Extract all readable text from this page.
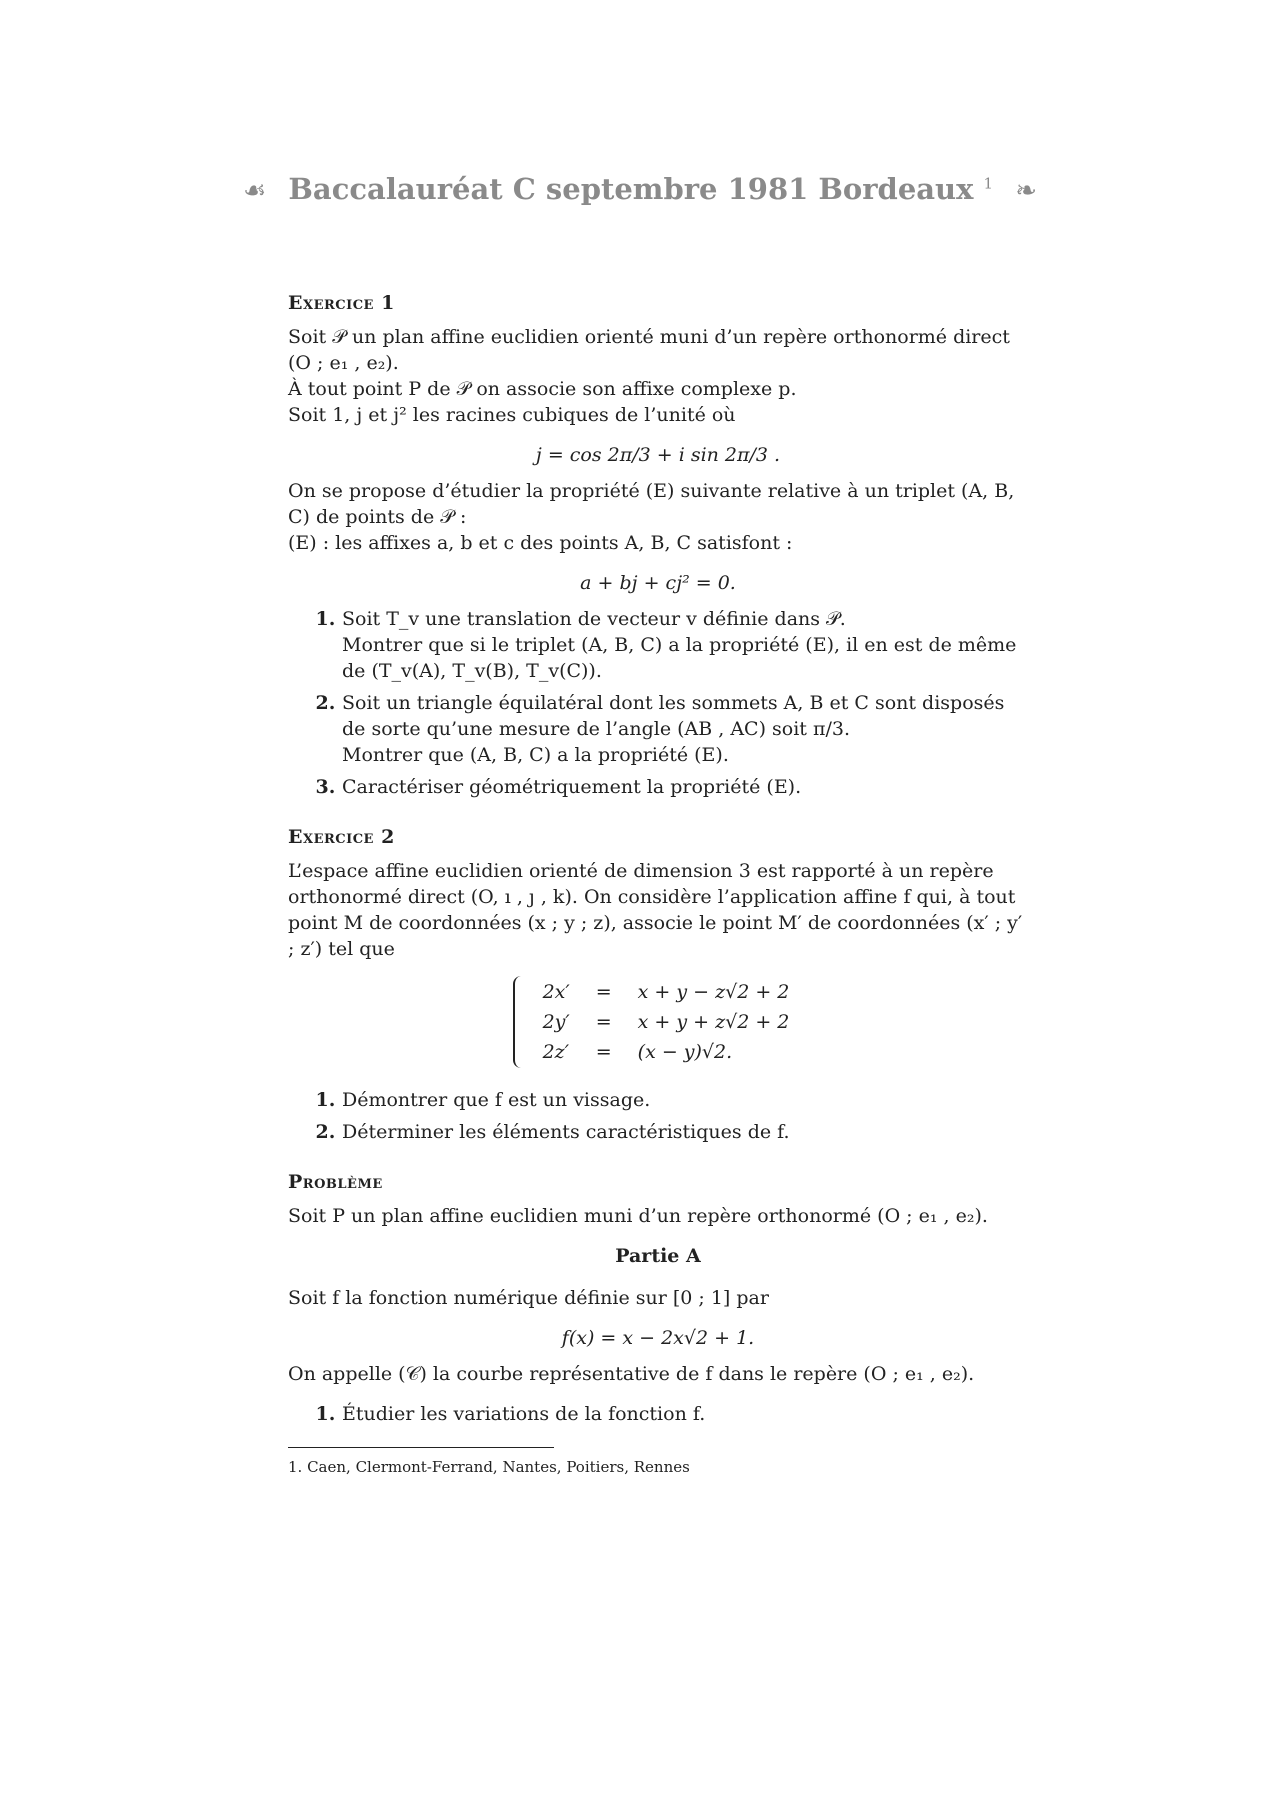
☙ Baccalauréat C septembre 1981 Bordeaux $^1$ ❧
Exercice 1

Soit 𝒫 un plan affine euclidien orienté muni d’un repère orthonormé direct (O ; e₁ , e₂).

À tout point P de 𝒫 on associe son affixe complexe p.

Soit 1, j et j² les racines cubiques de l’unité où

j = cos 2π/3 + i sin 2π/3 .

On se propose d’étudier la propriété (E) suivante relative à un triplet (A, B, C) de points de 𝒫 :

(E) : les affixes a, b et c des points A, B, C satisfont :

a + bj + cj² = 0.
1. Soit T_v une translation de vecteur v définie dans 𝒫.
Montrer que si le triplet (A, B, C) a la propriété (E), il en est de même de (T_v(A), T_v(B), T_v(C)).
2. Soit un triangle équilatéral dont les sommets A, B et C sont disposés de sorte qu’une mesure de l’angle (AB , AC) soit π/3.
Montrer que (A, B, C) a la propriété (E).
3. Caractériser géométriquement la propriété (E).
Exercice 2

L’espace affine euclidien orienté de dimension 3 est rapporté à un repère orthonormé direct (O, ı , ȷ , k). On considère l’application affine f qui, à tout point M de coordonnées (x ; y ; z), associe le point M′ de coordonnées (x′ ; y′ ; z′) tel que

2x′	=	x + y − z√2 + 2
2y′	=	x + y + z√2 + 2
2z′	=	(x − y)√2.
1. Démontrer que f est un vissage.
2. Déterminer les éléments caractéristiques de f.
Problème

Soit P un plan affine euclidien muni d’un repère orthonormé (O ; e₁ , e₂).

Partie A

Soit f la fonction numérique définie sur [0 ; 1] par

f(x) = x − 2x√2 + 1.

On appelle (𝒞) la courbe représentative de f dans le repère (O ; e₁ , e₂).

1. Étudier les variations de la fonction f.
1. Caen, Clermont-Ferrand, Nantes, Poitiers, Rennes
